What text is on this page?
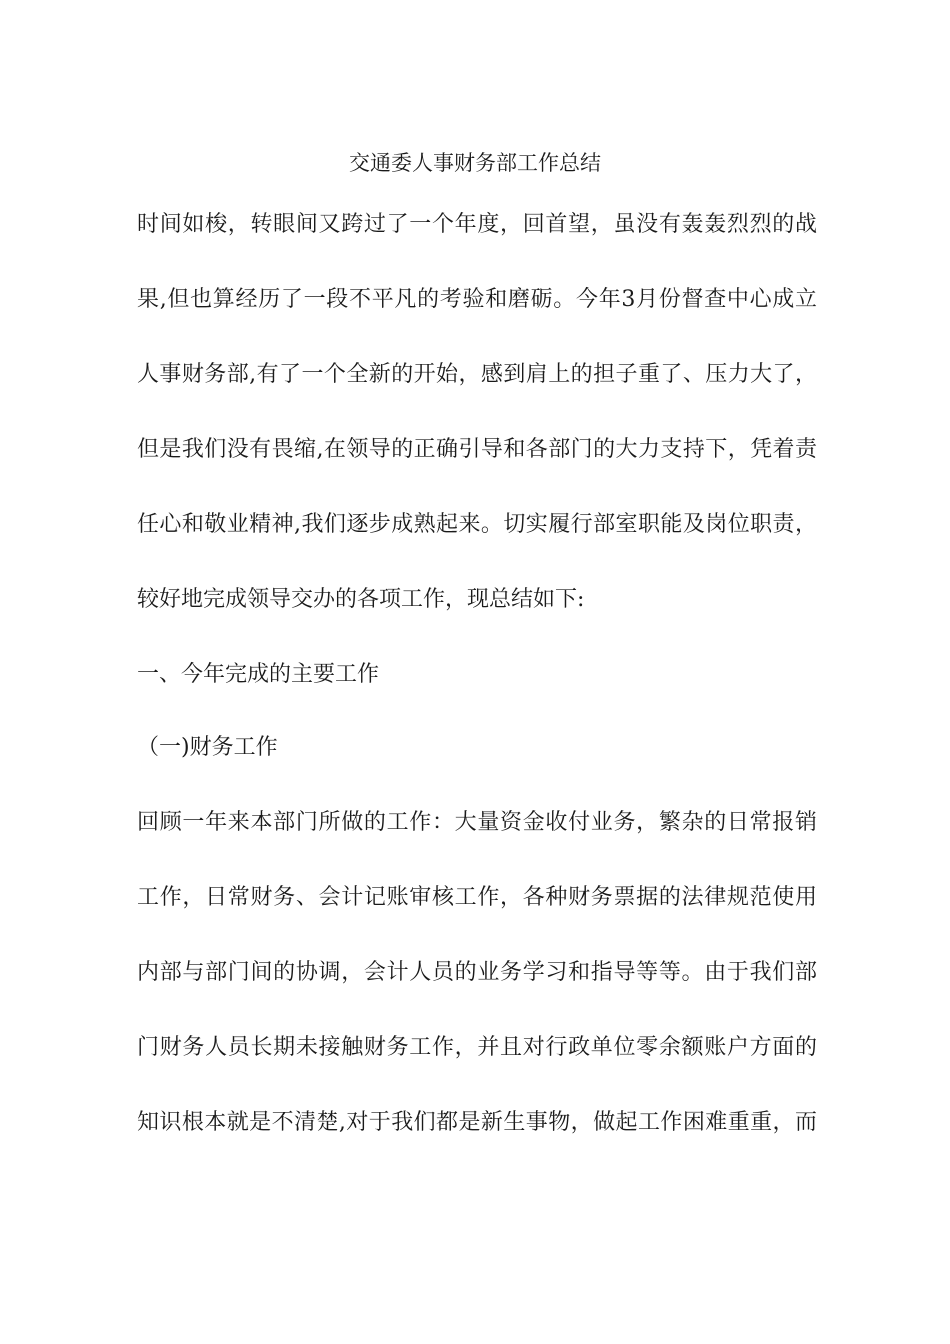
交通委人事财务部工作总结
时间如梭，转眼间又跨过了一个年度，回首望，虽没有轰轰烈烈的战
果,但也算经历了一段不平凡的考验和磨砺。今年3月份督查中心成立
人事财务部,有了一个全新的开始，感到肩上的担子重了、压力大了，
但是我们没有畏缩,在领导的正确引导和各部门的大力支持下，凭着责
任心和敬业精神,我们逐步成熟起来。切实履行部室职能及岗位职责，
较好地完成领导交办的各项工作，现总结如下:
一、今年完成的主要工作
（一)财务工作
回顾一年来本部门所做的工作：大量资金收付业务，繁杂的日常报销
工作，日常财务、会计记账审核工作，各种财务票据的法律规范使用
内部与部门间的协调，会计人员的业务学习和指导等等。由于我们部
门财务人员长期未接触财务工作，并且对行政单位零余额账户方面的
知识根本就是不清楚,对于我们都是新生事物，做起工作困难重重，而
